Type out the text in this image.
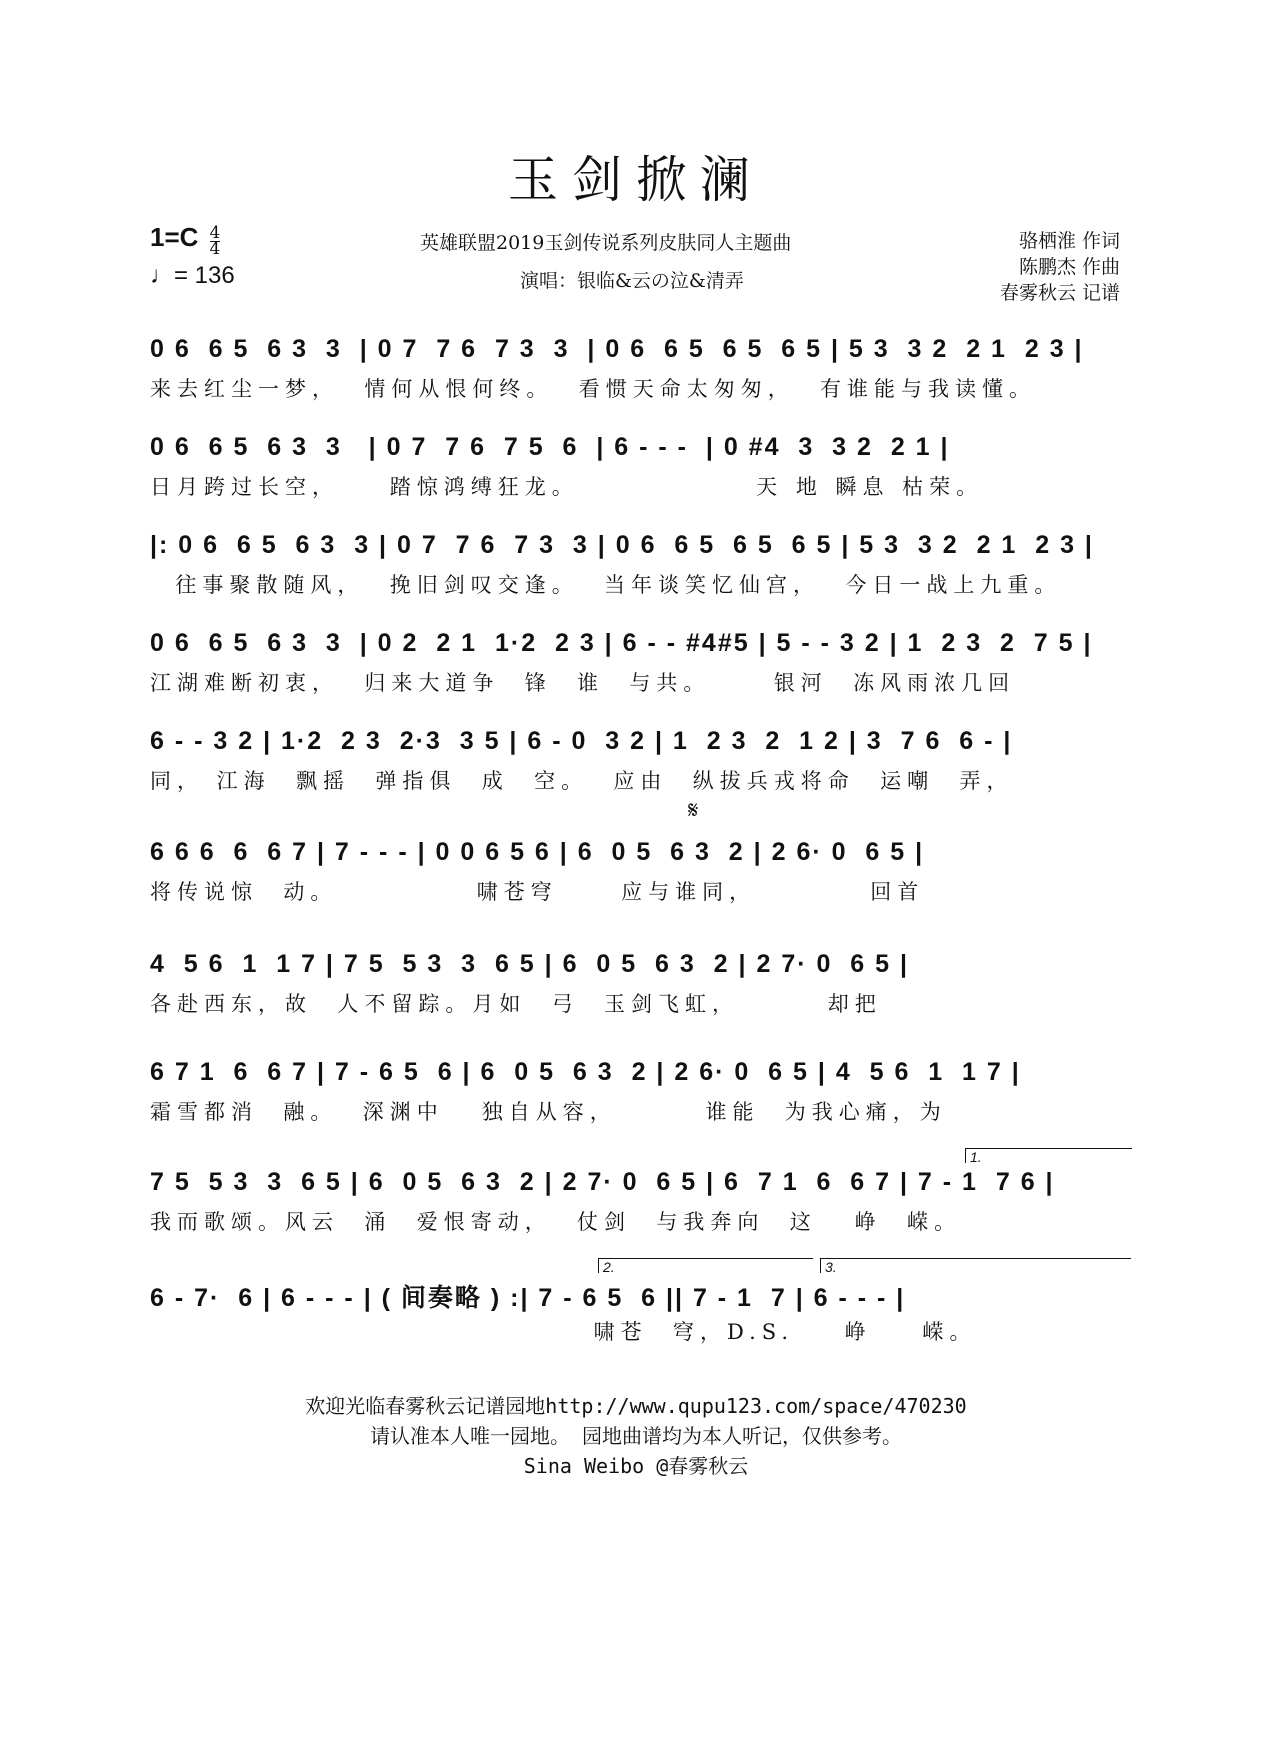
玉剑掀澜
$1=C \frac{4}{4}$
♩= 136
英雄联盟2019玉剑传说系列皮肤同人主题曲
演唱：银临&云の泣&清弄
骆栖淮 作词
陈鹏杰 作曲
春雾秋云 记谱
0 6  6 5  6 3  3  | 0 7  7 6  7 3  3  | 0 6  6 5  6 5  6 5 | 5 3  3 2  2 1  2 3 |
来去红尘一梦，  情何从恨何终。  看惯天命太匆匆，  有谁能与我读懂。
0 6  6 5  6 3  3   | 0 7  7 6  7 5  6  | 6 - - -  | 0 #4  3  3 2  2 1 |
日月跨过长空，    踏惊鸿缚狂龙。              天 地 瞬息 枯荣。
|: 0 6  6 5  6 3  3 | 0 7  7 6  7 3  3 | 0 6  6 5  6 5  6 5 | 5 3  3 2  2 1  2 3 |
往事聚散随风，  挽旧剑叹交逢。  当年谈笑忆仙宫，  今日一战上九重。
0 6  6 5  6 3  3  | 0 2  2 1  1·2  2 3 | 6 - - #4#5 | 5 - - 3 2 | 1  2 3  2  7 5 |
江湖难断初衷，  归来大道争  锋  谁  与共。     银河  冻风雨浓几回
6 - - 3 2 | 1·2  2 3  2·3  3 5 | 6 - 0  3 2 | 1  2 3  2  1 2 | 3  7 6  6 - |
同， 江海  飘摇  弹指俱  成  空。  应由  纵拔兵戎将命  运嘲  弄，
𝄋
6 6 6  6  6 7 | 7 - - - | 0 0 6 5 6 | 6  0 5  6 3  2 | 2 6· 0  6 5 |
将传说惊  动。           啸苍穹     应与谁同，         回首
4  5 6  1  1 7 | 7 5  5 3  3  6 5 | 6  0 5  6 3  2 | 2 7· 0  6 5 |
各赴西东，故  人不留踪。月如  弓  玉剑飞虹，       却把
6 7 1  6  6 7 | 7 - 6 5  6 | 6  0 5  6 3  2 | 2 6· 0  6 5 | 4  5 6  1  1 7 |
霜雪都消  融。  深渊中   独自从容，       谁能  为我心痛，为
1.
7 5  5 3  3  6 5 | 6  0 5  6 3  2 | 2 7· 0  6 5 | 6  7 1  6  6 7 | 7 - 1  7 6 |
我而歌颂。风云  涌  爱恨寄动，  仗剑  与我奔向  这   峥  嵘。
2.	3.
6 - 7·  6 | 6 - - - | ( 间奏略 ) :| 7 - 6 5  6 || 7 - 1  7 | 6 - - - |
啸苍  穹，D.S.    峥    嵘。
欢迎光临春雾秋云记谱园地http://www.qupu123.com/space/470230
请认准本人唯一园地。 园地曲谱均为本人听记，仅供参考。
Sina Weibo @春雾秋云
